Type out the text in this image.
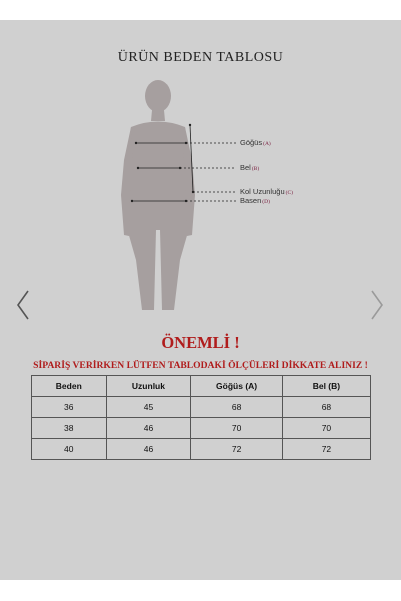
ÜRÜN BEDEN TABLOSU
Göğüs(A)
Bel(B)
Kol Uzunluğu(C)
Basen(D)
ÖNEMLİ !
SİPARİŞ VERİRKEN LÜTFEN TABLODAKİ ÖLÇÜLERİ DİKKATE ALINIZ !
Beden	Uzunluk	Göğüs (A)	Bel (B)
36	45	68	68
38	46	70	70
40	46	72	72
